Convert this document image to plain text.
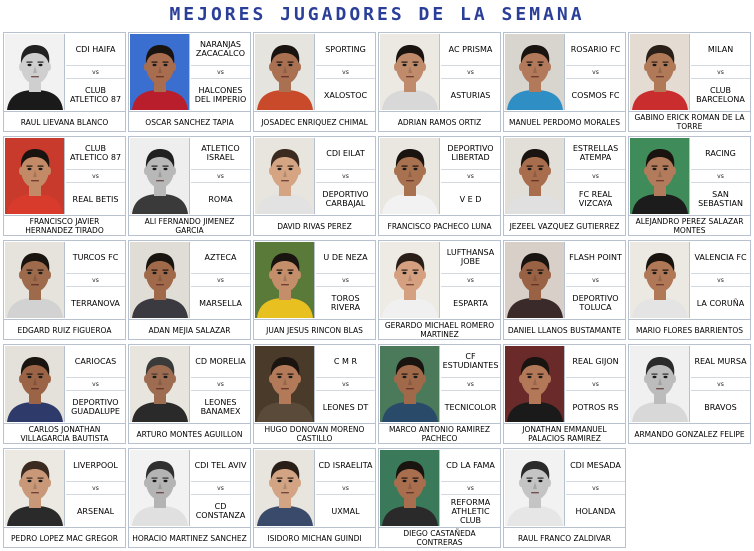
MEJORES JUGADORES DE LA SEMANA
CDI HAIFA
vs
CLUB ATLETICO 87
RAUL LIEVANA BLANCO
NARANJAS ZACACALCO
vs
HALCONES DEL IMPERIO
OSCAR SANCHEZ TAPIA
SPORTING
vs
XALOSTOC
JOSADEC ENRIQUEZ CHIMAL
AC PRISMA
vs
ASTURIAS
ADRIAN RAMOS ORTIZ
ROSARIO FC
vs
COSMOS FC
MANUEL PERDOMO MORALES
MILAN
vs
CLUB BARCELONA
GABINO ERICK ROMAN DE LA TORRE
CLUB ATLETICO 87
vs
REAL BETIS
FRANCISCO JAVIER HERNANDEZ TIRADO
ATLETICO ISRAEL
vs
ROMA
ALI FERNANDO JIMENEZ GARCIA
CDI EILAT
vs
DEPORTIVO CARBAJAL
DAVID RIVAS PEREZ
DEPORTIVO LIBERTAD
vs
V E D
FRANCISCO PACHECO LUNA
ESTRELLAS ATEMPA
vs
FC REAL VIZCAYA
JEZEEL VAZQUEZ GUTIERREZ
RACING
vs
SAN SEBASTIAN
ALEJANDRO PEREZ SALAZAR MONTES
TURCOS FC
vs
TERRANOVA
EDGARD RUIZ FIGUEROA
AZTECA
vs
MARSELLA
ADAN MEJIA SALAZAR
U DE NEZA
vs
TOROS RIVERA
JUAN JESUS RINCON BLAS
LUFTHANSA JOBE
vs
ESPARTA
GERARDO MICHAEL ROMERO MARTINEZ
FLASH POINT
vs
DEPORTIVO TOLUCA
DANIEL LLANOS BUSTAMANTE
VALENCIA FC
vs
LA CORUÑA
MARIO FLORES BARRIENTOS
CARIOCAS
vs
DEPORTIVO GUADALUPE
CARLOS JONATHAN VILLAGARCIA BAUTISTA
CD MORELIA
vs
LEONES BANAMEX
ARTURO MONTES AGUILLON
C M R
vs
LEONES DT
HUGO DONOVAN MORENO CASTILLO
CF ESTUDIANTES
vs
TECNICOLOR
MARCO ANTONIO RAMIREZ PACHECO
REAL GIJON
vs
POTROS RS
JONATHAN EMMANUEL PALACIOS RAMIREZ
REAL MURSA
vs
BRAVOS
ARMANDO GONZALEZ FELIPE
LIVERPOOL
vs
ARSENAL
PEDRO LOPEZ MAC GREGOR
CDI TEL AVIV
vs
CD CONSTANZA
HORACIO MARTINEZ SANCHEZ
CD ISRAELITA
vs
UXMAL
ISIDORO MICHAN GUINDI
CD LA FAMA
vs
REFORMA ATHLETIC CLUB
DIEGO CASTAÑEDA CONTRERAS
CDI MESADA
vs
HOLANDA
RAUL FRANCO ZALDIVAR
